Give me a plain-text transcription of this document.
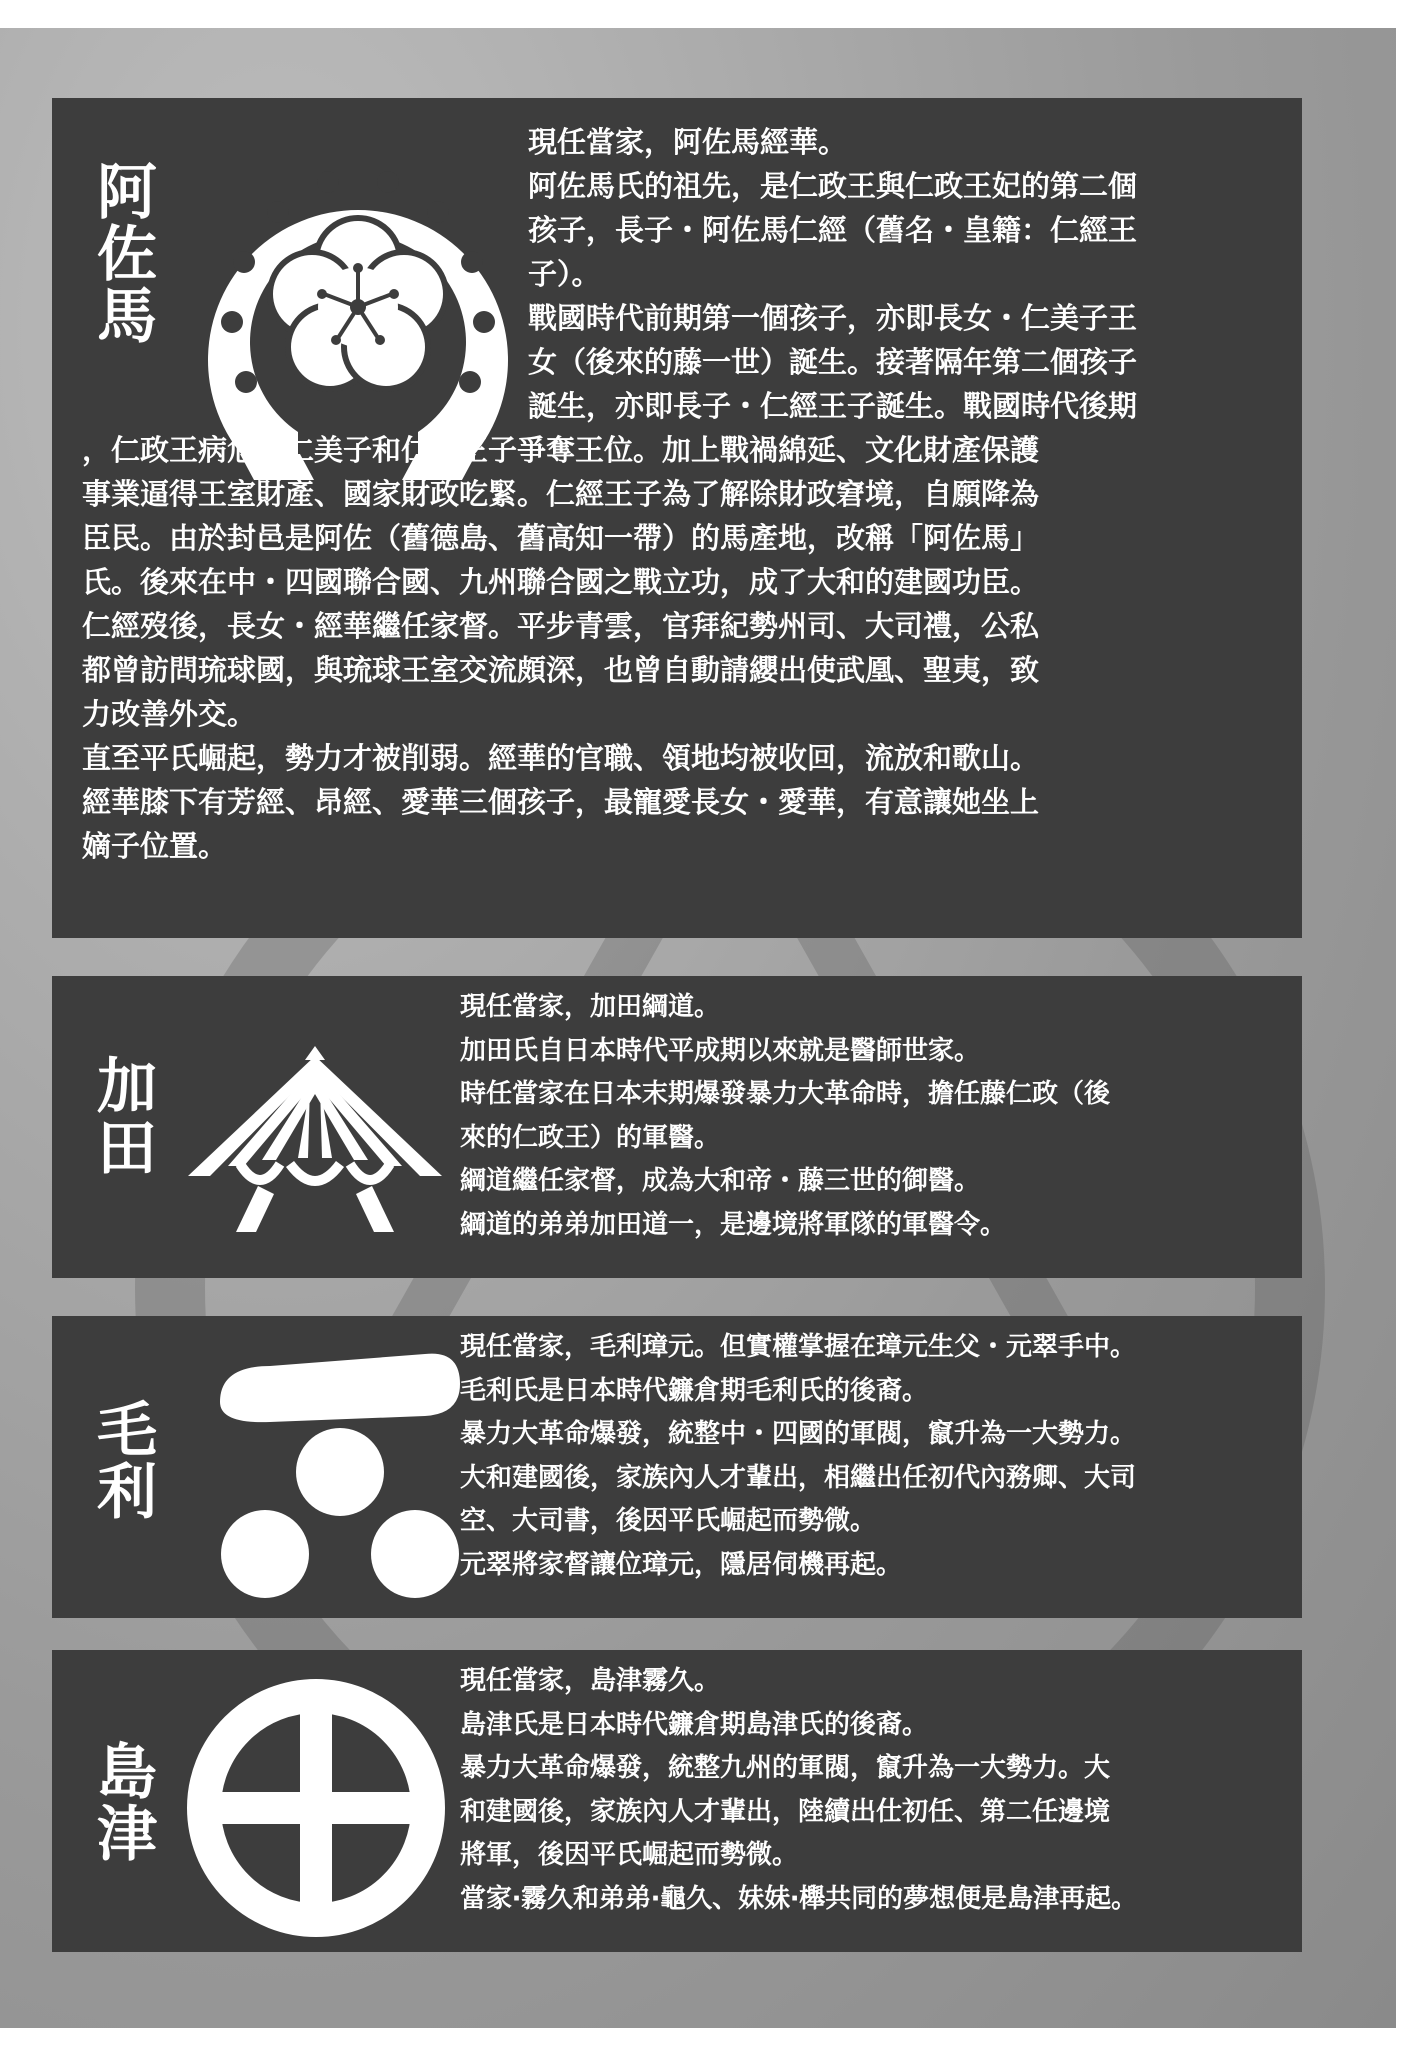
阿佐馬

現任當家，阿佐馬經華。

阿佐馬氏的祖先，是仁政王與仁政王妃的第二個

孩子，長子・阿佐馬仁經（舊名・皇籍：仁經王

子）。

戰國時代前期第一個孩子，亦即長女・仁美子王

女（後來的藤一世）誕生。接著隔年第二個孩子

誕生，亦即長子・仁經王子誕生。戰國時代後期

，仁政王病危，仁美子和仁經王子爭奪王位。加上戰禍綿延、文化財產保護

事業逼得王室財產、國家財政吃緊。仁經王子為了解除財政窘境，自願降為

臣民。由於封邑是阿佐（舊德島、舊高知一帶）的馬產地，改稱「阿佐馬」

氏。後來在中・四國聯合國、九州聯合國之戰立功，成了大和的建國功臣。

仁經歿後，長女・經華繼任家督。平步青雲，官拜紀勢州司、大司禮，公私

都曾訪問琉球國，與琉球王室交流頗深，也曾自動請纓出使武凰、聖夷，致

力改善外交。

直至平氏崛起，勢力才被削弱。經華的官職、領地均被收回，流放和歌山。

經華膝下有芳經、昂經、愛華三個孩子，最寵愛長女・愛華，有意讓她坐上

嫡子位置。

加田

現任當家，加田綱道。

加田氏自日本時代平成期以來就是醫師世家。

時任當家在日本末期爆發暴力大革命時，擔任藤仁政（後

來的仁政王）的軍醫。

綱道繼任家督，成為大和帝・藤三世的御醫。

綱道的弟弟加田道一，是邊境將軍隊的軍醫令。

毛利

現任當家，毛利璋元。但實權掌握在璋元生父・元翠手中。

毛利氏是日本時代鐮倉期毛利氏的後裔。

暴力大革命爆發，統整中・四國的軍閥，竄升為一大勢力。

大和建國後，家族內人才輩出，相繼出任初代內務卿、大司

空、大司書，後因平氏崛起而勢微。

元翠將家督讓位璋元，隱居伺機再起。

島津

現任當家，島津霧久。

島津氏是日本時代鐮倉期島津氏的後裔。

暴力大革命爆發，統整九州的軍閥，竄升為一大勢力。大

和建國後，家族內人才輩出，陸續出仕初任、第二任邊境

將軍，後因平氏崛起而勢微。

當家‧霧久和弟弟‧龜久、妹妹‧櫸共同的夢想便是島津再起。
